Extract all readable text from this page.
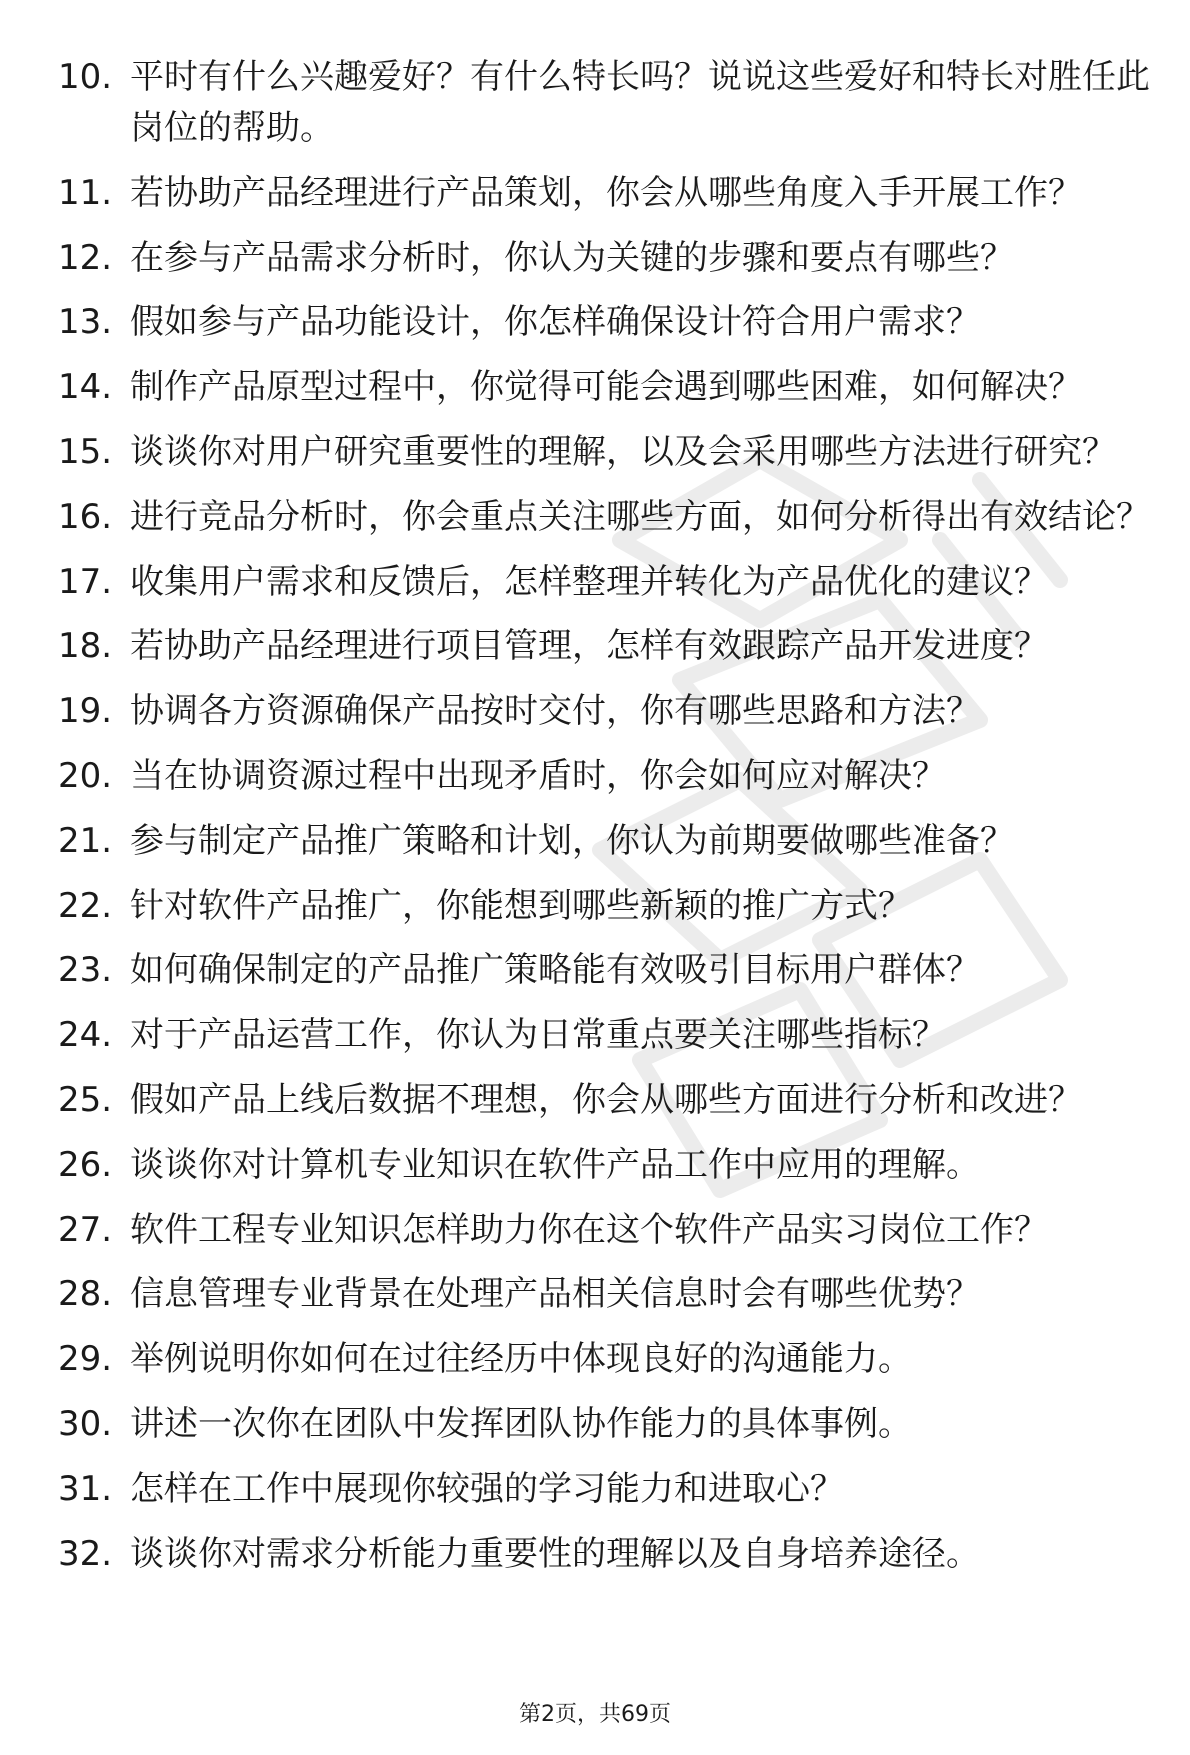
10. 平时有什么兴趣爱好？有什么特长吗？说说这些爱好和特长对胜任此岗位的帮助。
11. 若协助产品经理进行产品策划，你会从哪些角度入手开展工作？
12. 在参与产品需求分析时，你认为关键的步骤和要点有哪些？
13. 假如参与产品功能设计，你怎样确保设计符合用户需求？
14. 制作产品原型过程中，你觉得可能会遇到哪些困难，如何解决？
15. 谈谈你对用户研究重要性的理解，以及会采用哪些方法进行研究？
16. 进行竞品分析时，你会重点关注哪些方面，如何分析得出有效结论？
17. 收集用户需求和反馈后，怎样整理并转化为产品优化的建议？
18. 若协助产品经理进行项目管理，怎样有效跟踪产品开发进度？
19. 协调各方资源确保产品按时交付，你有哪些思路和方法？
20. 当在协调资源过程中出现矛盾时，你会如何应对解决？
21. 参与制定产品推广策略和计划，你认为前期要做哪些准备？
22. 针对软件产品推广，你能想到哪些新颖的推广方式？
23. 如何确保制定的产品推广策略能有效吸引目标用户群体？
24. 对于产品运营工作，你认为日常重点要关注哪些指标？
25. 假如产品上线后数据不理想，你会从哪些方面进行分析和改进？
26. 谈谈你对计算机专业知识在软件产品工作中应用的理解。
27. 软件工程专业知识怎样助力你在这个软件产品实习岗位工作？
28. 信息管理专业背景在处理产品相关信息时会有哪些优势？
29. 举例说明你如何在过往经历中体现良好的沟通能力。
30. 讲述一次你在团队中发挥团队协作能力的具体事例。
31. 怎样在工作中展现你较强的学习能力和进取心？
32. 谈谈你对需求分析能力重要性的理解以及自身培养途径。
第2页，共69页
